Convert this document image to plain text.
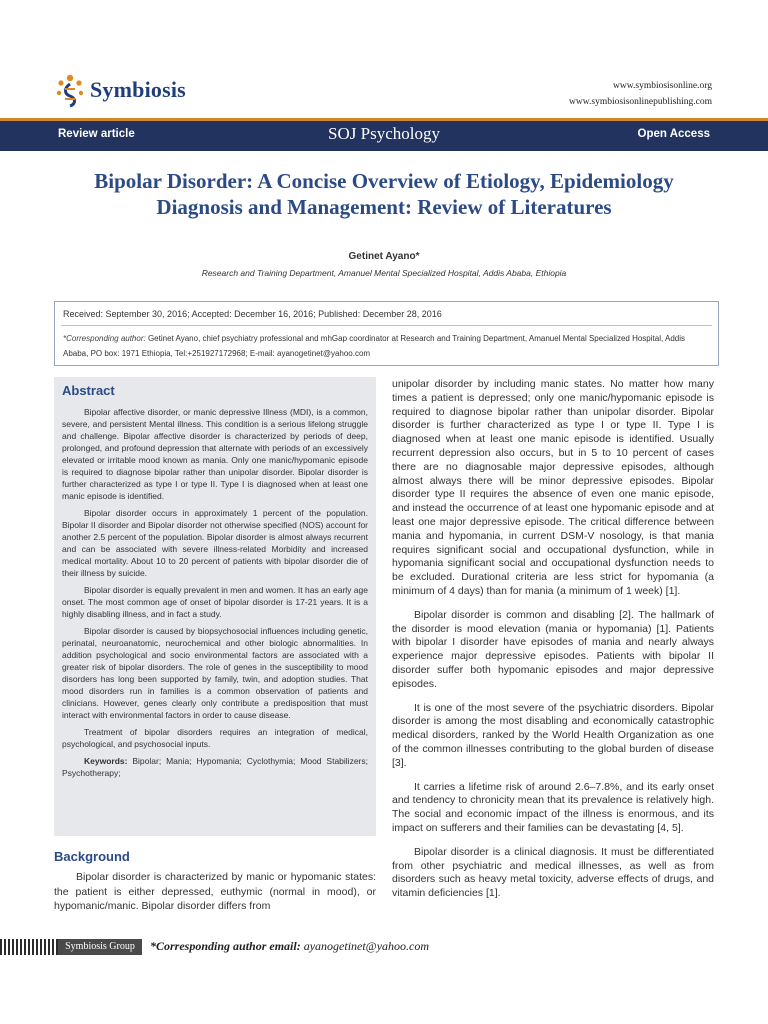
Symbiosis	www.symbiosisonline.org
www.symbiosisonlinepublishing.com
Review article	SOJ Psychology	Open Access
Bipolar Disorder: A Concise Overview of Etiology, Epidemiology Diagnosis and Management: Review of Literatures
Getinet Ayano*
Research and Training Department, Amanuel Mental Specialized Hospital, Addis Ababa, Ethiopia
Received: September 30, 2016; Accepted: December 16, 2016; Published: December 28, 2016
*Corresponding author: Getinet Ayano, chief psychiatry professional and mhGap coordinator at Research and Training Department, Amanuel Mental Specialized Hospital, Addis Ababa, PO box: 1971 Ethiopia, Tel:+251927172968; E-mail: ayanogetinet@yahoo.com
Abstract

Bipolar affective disorder, or manic depressive Illness (MDI), is a common, severe, and persistent Mental illness. This condition is a serious lifelong struggle and challenge. Bipolar affective disorder is characterized by periods of deep, prolonged, and profound depression that alternate with periods of an excessively elevated or irritable mood known as mania. Only one manic/hypomanic episode is required to diagnose bipolar rather than unipolar disorder. Bipolar disorder is further characterized as type I or type II. Type I is diagnosed when at least one manic episode is identified.

Bipolar disorder occurs in approximately 1 percent of the population. Bipolar II disorder and Bipolar disorder not otherwise specified (NOS) account for another 2.5 percent of the population. Bipolar disorder is almost always recurrent and can be associated with severe illness-related Morbidity and increased medical mortality. About 10 to 20 percent of patients with bipolar disorder die of their illness by suicide.

Bipolar disorder is equally prevalent in men and women. It has an early age onset. The most common age of onset of bipolar disorder is 17-21 years. It is a highly disabling illness, and in fact a study.

Bipolar disorder is caused by biopsychosocial influences including genetic, perinatal, neuroanatomic, neurochemical and other biologic abnormalities. In addition psychological and socio environmental factors are associated with a greater risk of bipolar disorders. The role of genes in the susceptibility to mood disorders has long been supported by family, twin, and adoption studies. That mood disorders run in families is a common observation of patients and clinicians. However, genes clearly only contribute a predisposition that must interact with environmental factors in order to cause disease.

Treatment of bipolar disorders requires an integration of medical, psychological, and psychosocial inputs.

Keywords: Bipolar; Mania; Hypomania; Cyclothymia; Mood Stabilizers; Psychotherapy;

Background

Bipolar disorder is characterized by manic or hypomanic states: the patient is either depressed, euthymic (normal in mood), or hypomanic/manic. Bipolar disorder differs from

unipolar disorder by including manic states. No matter how many times a patient is depressed; only one manic/hypomanic episode is required to diagnose bipolar rather than unipolar disorder. Bipolar disorder is further characterized as type I or type II. Type I is diagnosed when at least one manic episode is identified. Usually recurrent depression also occurs, but in 5 to 10 percent of cases there are no diagnosable major depressive episodes, although almost always there will be minor depressive episodes. Bipolar disorder type II requires the absence of even one manic episode, and instead the occurrence of at least one hypomanic episode and at least one major depressive episode. The critical difference between mania and hypomania, in current DSM-V nosology, is that mania requires significant social and occupational dysfunction, while in hypomania significant social and occupational dysfunction needs to be excluded. Durational criteria are less strict for hypomania (a minimum of 4 days) than for mania (a minimum of 1 week) [1].

Bipolar disorder is common and disabling [2]. The hallmark of the disorder is mood elevation (mania or hypomania) [1]. Patients with bipolar I disorder have episodes of mania and nearly always experience major depressive episodes. Patients with bipolar II disorder suffer both hypomanic episodes and major depressive episodes.

It is one of the most severe of the psychiatric disorders. Bipolar disorder is among the most disabling and economically catastrophic medical disorders, ranked by the World Health Organization as one of the common illnesses contributing to the global burden of disease [3].

It carries a lifetime risk of around 2.6–7.8%, and its early onset and tendency to chronicity mean that its prevalence is relatively high. The social and economic impact of the illness is enormous, and its impact on sufferers and their families can be devastating [4, 5].

Bipolar disorder is a clinical diagnosis. It must be differentiated from other psychiatric and medical illnesses, as well as from disorders such as heavy metal toxicity, adverse effects of drugs, and vitamin deficiencies [1].

Symbiosis Group	*Corresponding author email: ayanogetinet@yahoo.com
